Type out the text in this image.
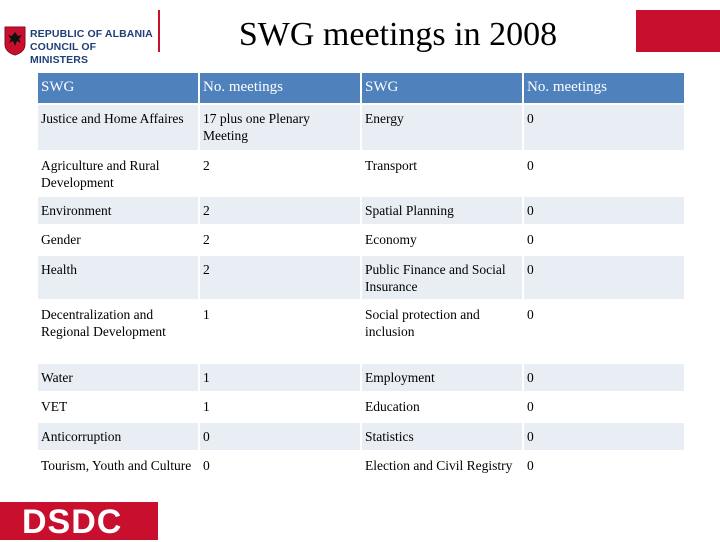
REPUBLIC OF ALBANIA
COUNCIL OF MINISTERS
SWG meetings in 2008
SWG	No. meetings	SWG	No. meetings
Justice and Home Affaires	17 plus one Plenary Meeting	Energy	0
Agriculture and Rural Development	2	Transport	0
Environment	2	Spatial Planning	0
Gender	2	Economy	0
Health	2	Public Finance and Social Insurance	0
Decentralization and Regional Development	1	Social protection and inclusion	0
Water	1	Employment	0
VET	1	Education	0
Anticorruption	0	Statistics	0
Tourism, Youth and Culture	0	Election and Civil Registry	0
DSDC
